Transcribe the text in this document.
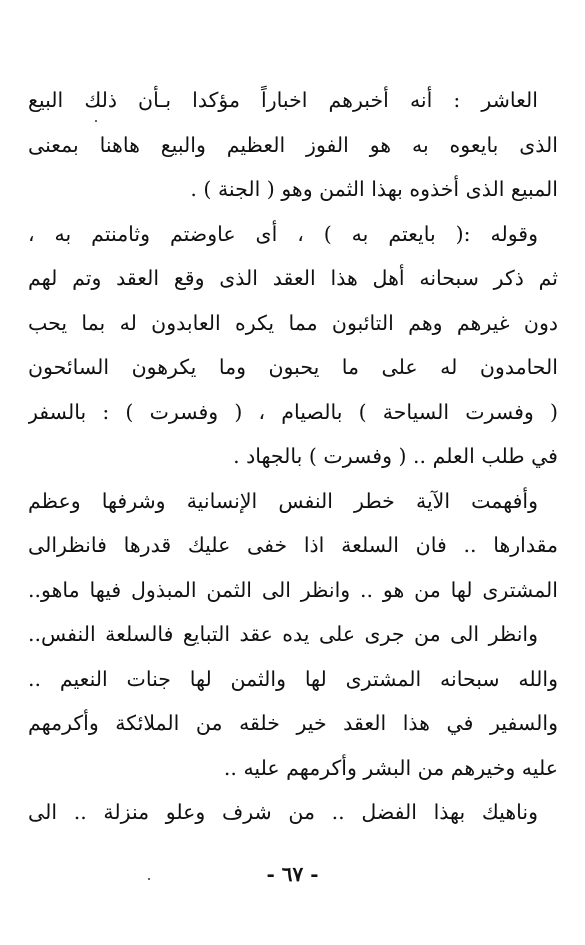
العاشر : أنه أخبرهم اخباراً مؤكدا بـأن ذلك البيع
الذى بايعوه به هو الفوز العظيم والبيع هاهنا بمعنى
المبيع الذى أخذوه بهذا الثمن وهو ( الجنة ) .
وقوله :( بايعتم به ) ، أى عاوضتم وثامنتم به ،
ثم ذكر سبحانه أهل هذا العقد الذى وقع العقد وتم لهم
دون غيرهم وهم التائبون مما يكره العابدون له بما يحب
الحامدون له على ما يحبون وما يكرهون السائحون
( وفسرت السياحة ) بالصيام ، ( وفسرت ) : بالسفر
في طلب العلم .. ( وفسرت ) بالجهاد .
وأفهمت الآية خطر النفس الإنسانية وشرفها وعظم
مقدارها .. فان السلعة اذا خفى عليك قدرها فانظرالى
المشترى لها من هو .. وانظر الى الثمن المبذول فيها ماهو..
وانظر الى من جرى على يده عقد التبايع فالسلعة النفس..
والله سبحانه المشترى لها والثمن لها جنات النعيم ..
والسفير في هذا العقد خير خلقه من الملائكة وأكرمهم
عليه وخيرهم من البشر وأكرمهم عليه ..
وناهيك بهذا الفضل .. من شرف وعلو منزلة .. الى
- ٦٧ -
